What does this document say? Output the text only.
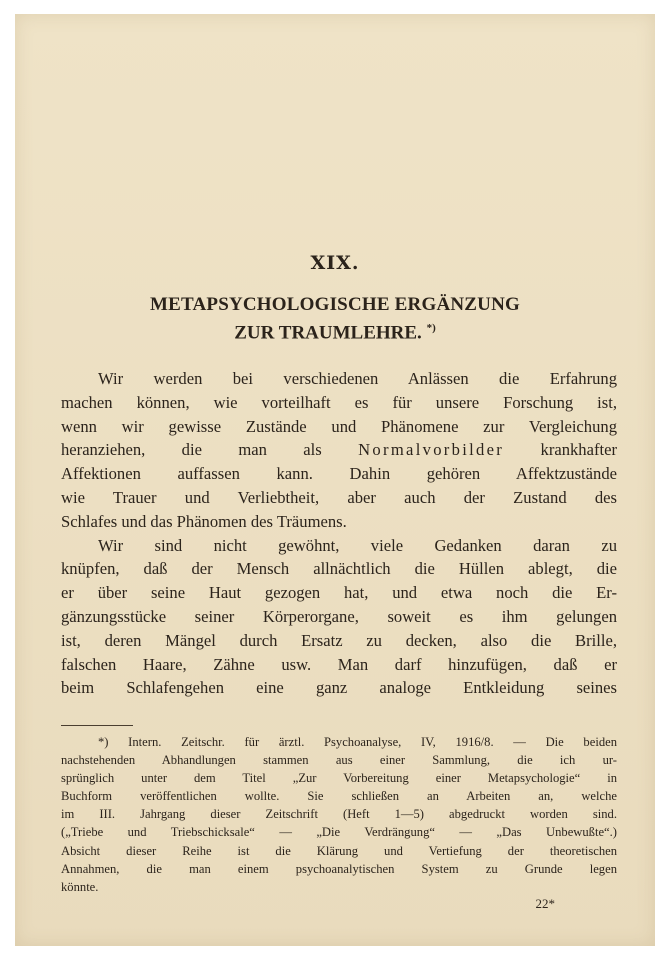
XIX.
METAPSYCHOLOGISCHE ERGÄNZUNG
ZUR TRAUMLEHRE. *)
Wir werden bei verschiedenen Anlässen die Erfahrung
machen können, wie vorteilhaft es für unsere Forschung ist,
wenn wir gewisse Zustände und Phänomene zur Vergleichung
heranziehen, die man als Normalvorbilder krankhafter
Affektionen auffassen kann. Dahin gehören Affektzustände
wie Trauer und Verliebtheit, aber auch der Zustand des
Schlafes und das Phänomen des Träumens.
Wir sind nicht gewöhnt, viele Gedanken daran zu
knüpfen, daß der Mensch allnächtlich die Hüllen ablegt, die
er über seine Haut gezogen hat, und etwa noch die Er-
gänzungsstücke seiner Körperorgane, soweit es ihm gelungen
ist, deren Mängel durch Ersatz zu decken, also die Brille,
falschen Haare, Zähne usw. Man darf hinzufügen, daß er
beim Schlafengehen eine ganz analoge Entkleidung seines
*) Intern. Zeitschr. für ärztl. Psychoanalyse, IV, 1916/8. — Die beiden
nachstehenden Abhandlungen stammen aus einer Sammlung, die ich ur-
sprünglich unter dem Titel „Zur Vorbereitung einer Metapsychologie“ in
Buchform veröffentlichen wollte. Sie schließen an Arbeiten an, welche
im III. Jahrgang dieser Zeitschrift (Heft 1—5) abgedruckt worden sind.
(„Triebe und Triebschicksale“ — „Die Verdrängung“ — „Das Unbewußte“.)
Absicht dieser Reihe ist die Klärung und Vertiefung der theoretischen
Annahmen, die man einem psychoanalytischen System zu Grunde legen
könnte.
22*
